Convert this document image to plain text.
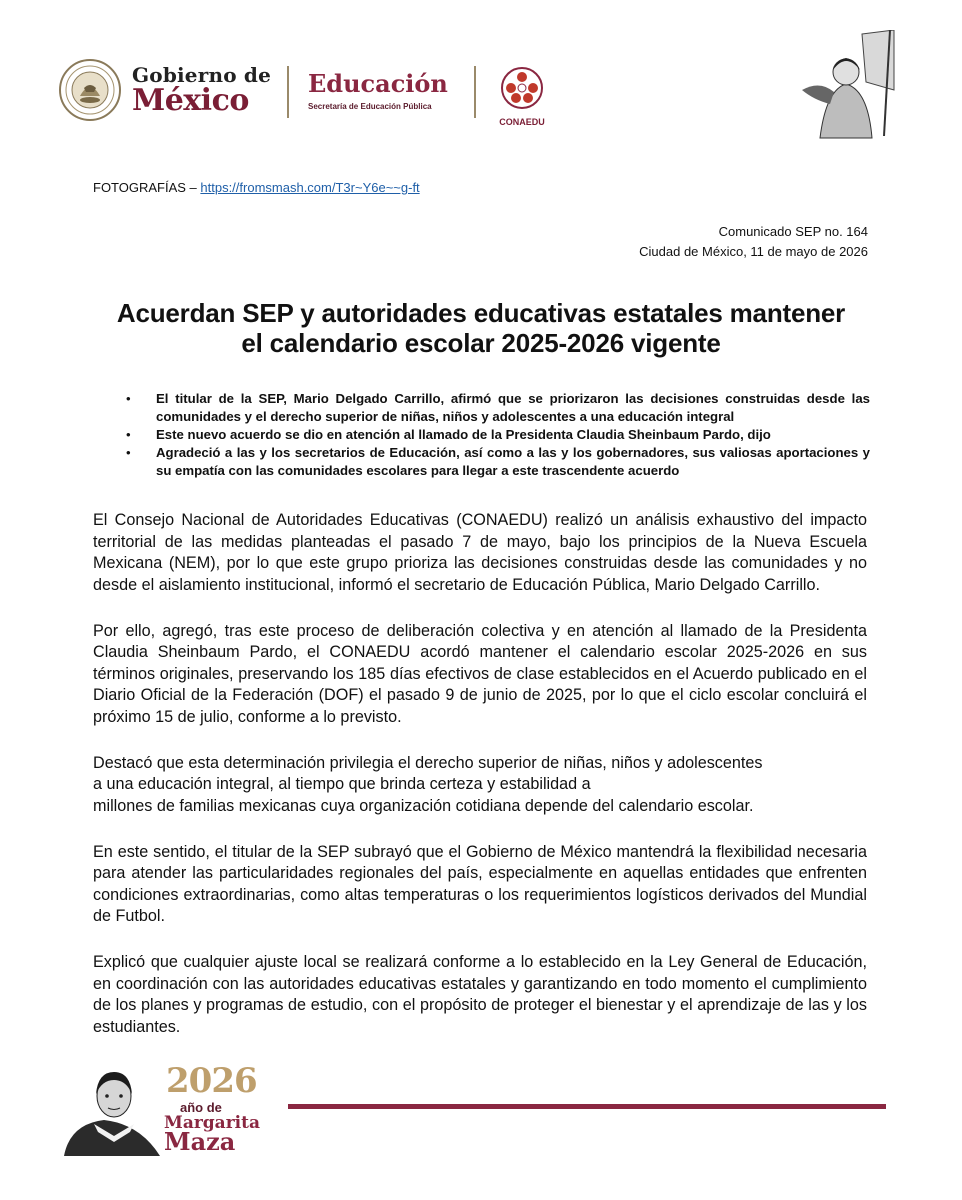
Gobierno de
México	Educación
Secretaría de Educación Pública
CONAEDU
FOTOGRAFÍAS – https://fromsmash.com/T3r~Y6e~~g-ft
Comunicado SEP no. 164
Ciudad de México, 11 de mayo de 2026
Acuerdan SEP y autoridades educativas estatales mantener
el calendario escolar 2025-2026 vigente
• El titular de la SEP, Mario Delgado Carrillo, afirmó que se priorizaron las decisiones construidas desde las comunidades y el derecho superior de niñas, niños y adolescentes a una educación integral
• Este nuevo acuerdo se dio en atención al llamado de la Presidenta Claudia Sheinbaum Pardo, dijo
• Agradeció a las y los secretarios de Educación, así como a las y los gobernadores, sus valiosas aportaciones y su empatía con las comunidades escolares para llegar a este trascendente acuerdo

El Consejo Nacional de Autoridades Educativas (CONAEDU) realizó un análisis exhaustivo del impacto territorial de las medidas planteadas el pasado 7 de mayo, bajo los principios de la Nueva Escuela Mexicana (NEM), por lo que este grupo prioriza las decisiones construidas desde las comunidades y no desde el aislamiento institucional, informó el secretario de Educación Pública, Mario Delgado Carrillo.

Por ello, agregó, tras este proceso de deliberación colectiva y en atención al llamado de la Presidenta Claudia Sheinbaum Pardo, el CONAEDU acordó mantener el calendario escolar 2025-2026 en sus términos originales, preservando los 185 días efectivos de clase establecidos en el Acuerdo publicado en el Diario Oficial de la Federación (DOF) el pasado 9 de junio de 2025, por lo que el ciclo escolar concluirá el próximo 15 de julio, conforme a lo previsto.

Destacó que esta determinación privilegia el derecho superior de niñas, niños y adolescentes
a una educación integral, al tiempo que brinda certeza y estabilidad a
millones de familias mexicanas cuya organización cotidiana depende del calendario escolar.

En este sentido, el titular de la SEP subrayó que el Gobierno de México mantendrá la flexibilidad necesaria para atender las particularidades regionales del país, especialmente en aquellas entidades que enfrenten condiciones extraordinarias, como altas temperaturas o los requerimientos logísticos derivados del Mundial de Futbol.

Explicó que cualquier ajuste local se realizará conforme a lo establecido en la Ley General de Educación, en coordinación con las autoridades educativas estatales y garantizando en todo momento el cumplimiento de los planes y programas de estudio, con el propósito de proteger el bienestar y el aprendizaje de las y los estudiantes.

2026
año de
Margarita
Maza
